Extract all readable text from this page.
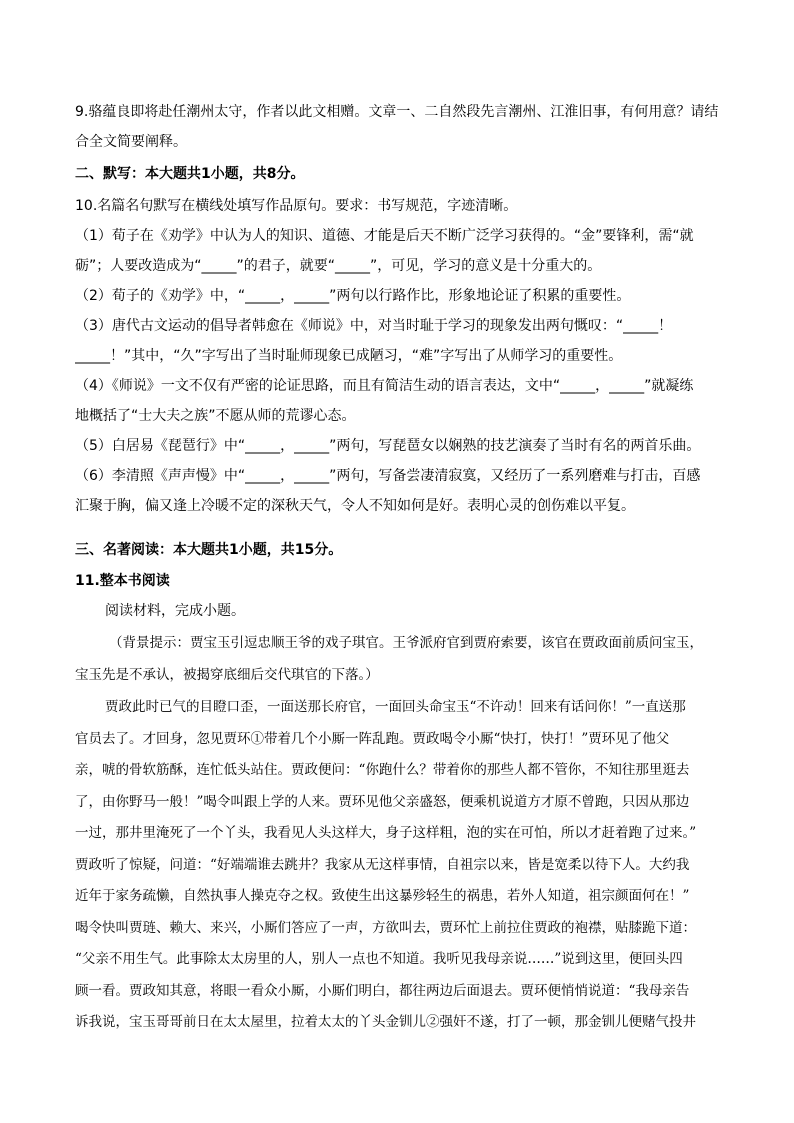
9.骆蕴良即将赴任潮州太守，作者以此文相赠。文章一、二自然段先言潮州、江淮旧事，有何用意？请结
合全文简要阐释。
二、默写：本大题共1小题，共8分。
10.名篇名句默写在横线处填写作品原句。要求：书写规范，字迹清晰。
（1）荀子在《劝学》中认为人的知识、道德、才能是后天不断广泛学习获得的。“金”要锋利，需“就
砺”；人要改造成为“_____”的君子，就要“_____”，可见，学习的意义是十分重大的。
（2）荀子的《劝学》中，“_____，_____”两句以行路作比，形象地论证了积累的重要性。
（3）唐代古文运动的倡导者韩愈在《师说》中，对当时耻于学习的现象发出两句慨叹：“_____！
_____！”其中，“久”字写出了当时耻师现象已成陋习，“难”字写出了从师学习的重要性。
（4）《师说》一文不仅有严密的论证思路，而且有简洁生动的语言表达，文中“_____，_____”就凝练
地概括了“士大夫之族”不愿从师的荒谬心态。
（5）白居易《琵琶行》中“_____，_____”两句，写琵琶女以娴熟的技艺演奏了当时有名的两首乐曲。
（6）李清照《声声慢》中“_____，_____”两句，写备尝凄清寂寞，又经历了一系列磨难与打击，百感
汇聚于胸，偏又逢上冷暖不定的深秋天气，令人不知如何是好。表明心灵的创伤难以平复。
三、名著阅读：本大题共1小题，共15分。
11.整本书阅读
阅读材料，完成小题。
（背景提示：贾宝玉引逗忠顺王爷的戏子琪官。王爷派府官到贾府索要，该官在贾政面前质问宝玉，
宝玉先是不承认，被揭穿底细后交代琪官的下落。）
贾政此时已气的目瞪口歪，一面送那长府官，一面回头命宝玉“不许动！回来有话问你！”一直送那
官员去了。才回身，忽见贾环①带着几个小厮一阵乱跑。贾政喝令小厮“快打，快打！”贾环见了他父
亲，唬的骨软筋酥，连忙低头站住。贾政便问：“你跑什么？带着你的那些人都不管你，不知往那里逛去
了，由你野马一般！”喝令叫跟上学的人来。贾环见他父亲盛怒，便乘机说道方才原不曾跑，只因从那边
一过，那井里淹死了一个丫头，我看见人头这样大，身子这样粗，泡的实在可怕，所以才赶着跑了过来。”
贾政听了惊疑，问道：“好端端谁去跳井？我家从无这样事情，自祖宗以来，皆是宽柔以待下人。大约我
近年于家务疏懒，自然执事人操克夺之权。致使生出这暴殄轻生的祸患，若外人知道，祖宗颜面何在！”
喝令快叫贾琏、赖大、来兴，小厮们答应了一声，方欲叫去，贾环忙上前拉住贾政的袍襟，贴膝跪下道：
“父亲不用生气。此事除太太房里的人，别人一点也不知道。我听见我母亲说……”说到这里，便回头四
顾一看。贾政知其意，将眼一看众小厮，小厮们明白，都往两边后面退去。贾环便悄悄说道：“我母亲告
诉我说，宝玉哥哥前日在太太屋里，拉着太太的丫头金钏儿②强奸不遂，打了一顿，那金钏儿便赌气投井
